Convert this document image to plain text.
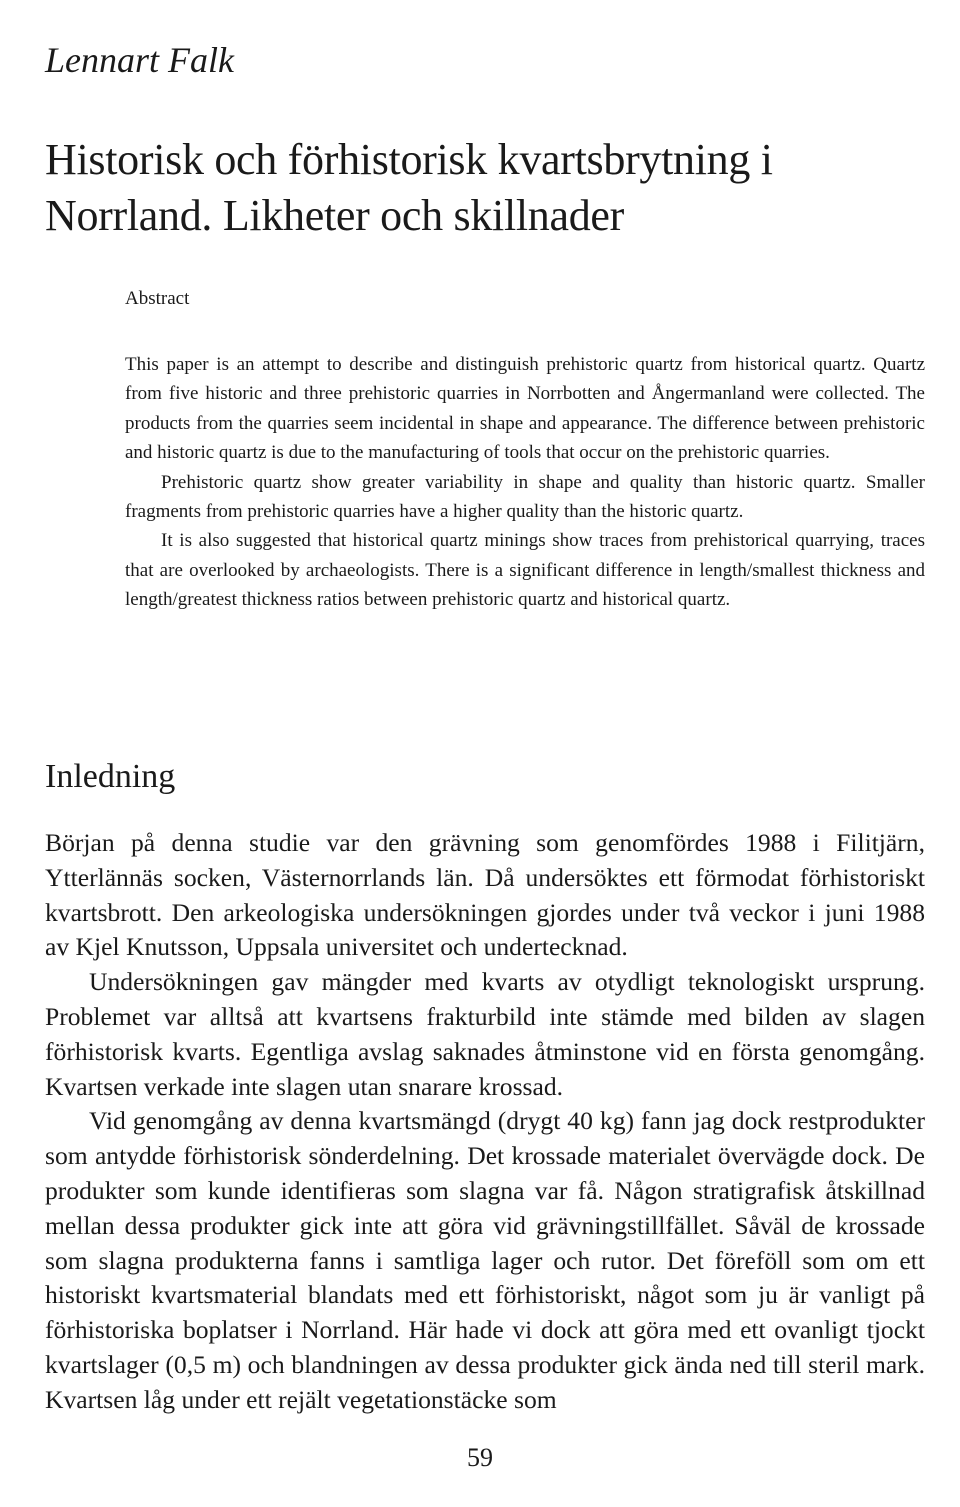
Lennart Falk
Historisk och förhistorisk kvartsbrytning i Norrland. Likheter och skillnader
Abstract

This paper is an attempt to describe and distinguish prehistoric quartz from historical quartz. Quartz from five historic and three prehistoric quarries in Norrbotten and Ångermanland were collected. The products from the quarries seem incidental in shape and appearance. The difference between prehistoric and historic quartz is due to the manufacturing of tools that occur on the prehistoric quarries.

Prehistoric quartz show greater variability in shape and quality than historic quartz. Smaller fragments from prehistoric quarries have a higher quality than the historic quartz.

It is also suggested that historical quartz minings show traces from prehistorical quarrying, traces that are overlooked by archaeologists. There is a significant difference in length/smallest thickness and length/greatest thickness ratios between prehistoric quartz and historical quartz.

Inledning

Början på denna studie var den grävning som genomfördes 1988 i Filitjärn, Ytterlännäs socken, Västernorrlands län. Då undersöktes ett förmodat förhistoriskt kvartsbrott. Den arkeologiska undersökningen gjordes under två veckor i juni 1988 av Kjel Knutsson, Uppsala universitet och undertecknad.

Undersökningen gav mängder med kvarts av otydligt teknologiskt ursprung. Problemet var alltså att kvartsens frakturbild inte stämde med bilden av slagen förhistorisk kvarts. Egentliga avslag saknades åtminstone vid en första genomgång. Kvartsen verkade inte slagen utan snarare krossad.

Vid genomgång av denna kvartsmängd (drygt 40 kg) fann jag dock restprodukter som antydde förhistorisk sönderdelning. Det krossade materialet övervägde dock. De produkter som kunde identifieras som slagna var få. Någon stratigrafisk åtskillnad mellan dessa produkter gick inte att göra vid grävningstillfället. Såväl de krossade som slagna produkterna fanns i samtliga lager och rutor. Det föreföll som om ett historiskt kvartsmaterial blandats med ett förhistoriskt, något som ju är vanligt på förhistoriska boplatser i Norrland. Här hade vi dock att göra med ett ovanligt tjockt kvartslager (0,5 m) och blandningen av dessa produkter gick ända ned till steril mark. Kvartsen låg under ett rejält vegetationstäcke som

59
